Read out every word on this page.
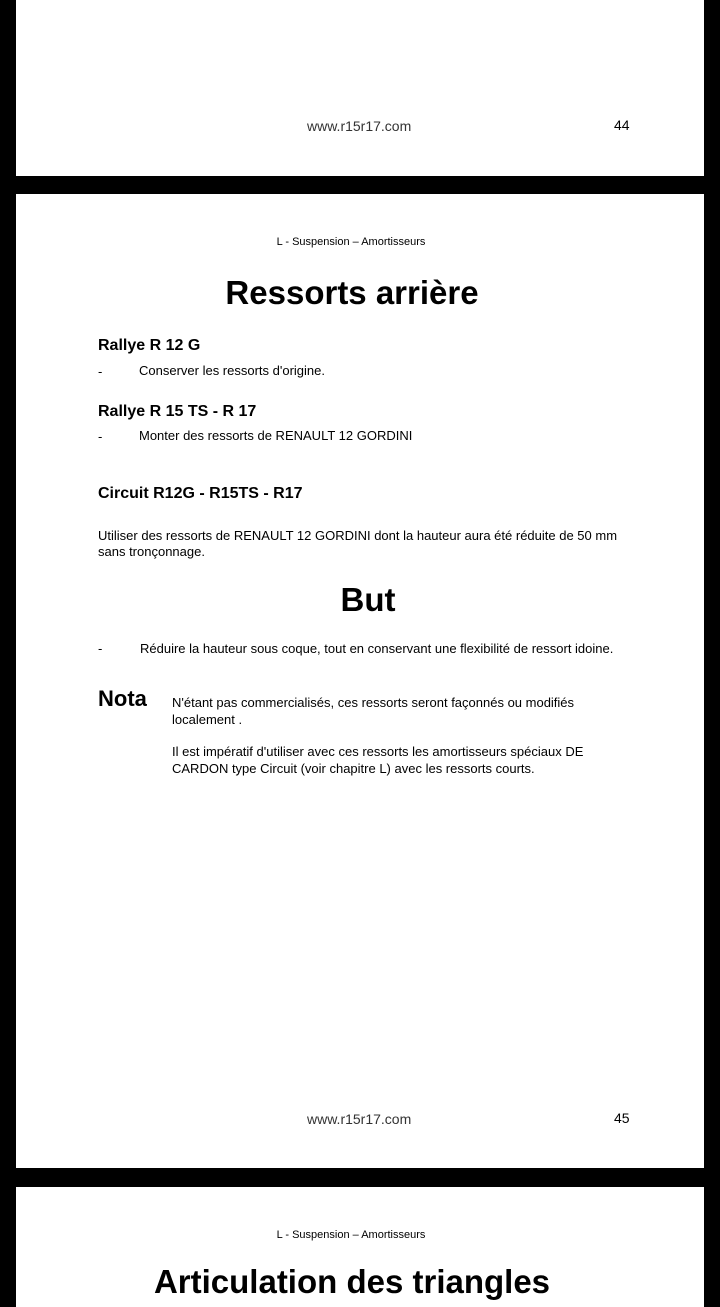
www.r15r17.com	44
L - Suspension – Amortisseurs
Ressorts arrière
Rallye R 12 G
-	Conserver les ressorts d'origine.
Rallye R 15 TS - R 17
-	Monter des ressorts de RENAULT 12 GORDINI
Circuit R12G - R15TS - R17

Utiliser des ressorts de RENAULT 12 GORDINI dont la hauteur aura été réduite de 50 mm sans tronçonnage.

But
-	Réduire la hauteur sous coque, tout en conservant une flexibilité de ressort idoine.
Nota N'étant pas commercialisés, ces ressorts seront façonnés ou modifiés localement .

Il est impératif d'utiliser avec ces ressorts les amortisseurs spéciaux DE CARDON type Circuit (voir chapitre L) avec les ressorts courts.

www.r15r17.com	45
L - Suspension – Amortisseurs
Articulation des triangles
